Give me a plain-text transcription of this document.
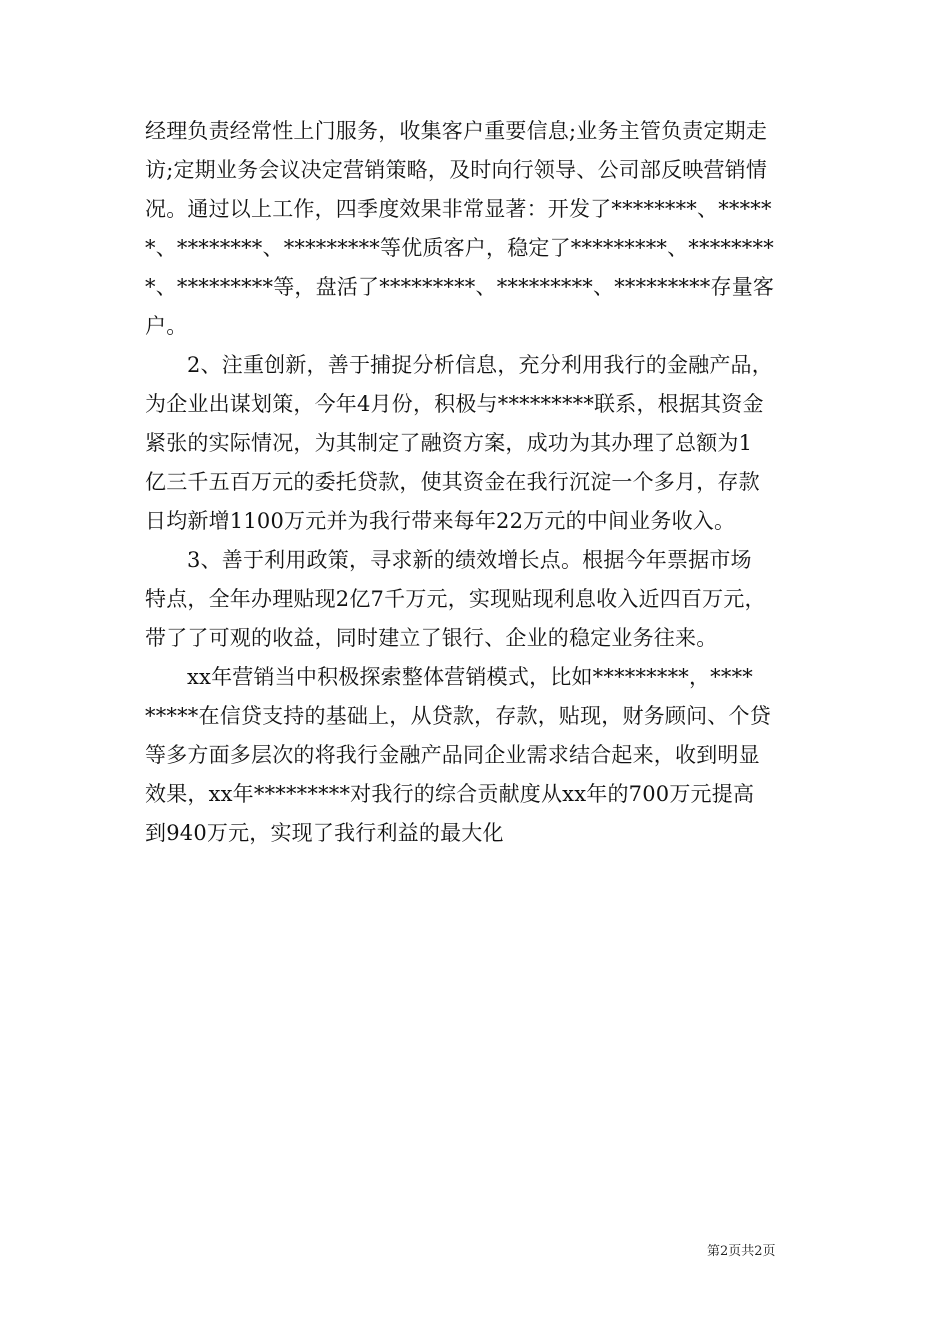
经理负责经常性上门服务，收集客户重要信息;业务主管负责定期走
访;定期业务会议决定营销策略，及时向行领导、公司部反映营销情
况。通过以上工作，四季度效果非常显著：开发了********、*****
*、********、*********等优质客户，稳定了*********、********
*、*********等，盘活了*********、*********、*********存量客
户。
2、注重创新，善于捕捉分析信息，充分利用我行的金融产品，
为企业出谋划策，今年4月份，积极与*********联系，根据其资金
紧张的实际情况，为其制定了融资方案，成功为其办理了总额为1
亿三千五百万元的委托贷款，使其资金在我行沉淀一个多月，存款
日均新增1100万元并为我行带来每年22万元的中间业务收入。
3、善于利用政策，寻求新的绩效增长点。根据今年票据市场
特点，全年办理贴现2亿7千万元，实现贴现利息收入近四百万元，
带了了可观的收益，同时建立了银行、企业的稳定业务往来。
xx年营销当中积极探索整体营销模式，比如*********，****
*****在信贷支持的基础上，从贷款，存款，贴现，财务顾问、个贷
等多方面多层次的将我行金融产品同企业需求结合起来，收到明显
效果，xx年*********对我行的综合贡献度从xx年的700万元提高
到940万元，实现了我行利益的最大化
第2页共2页
